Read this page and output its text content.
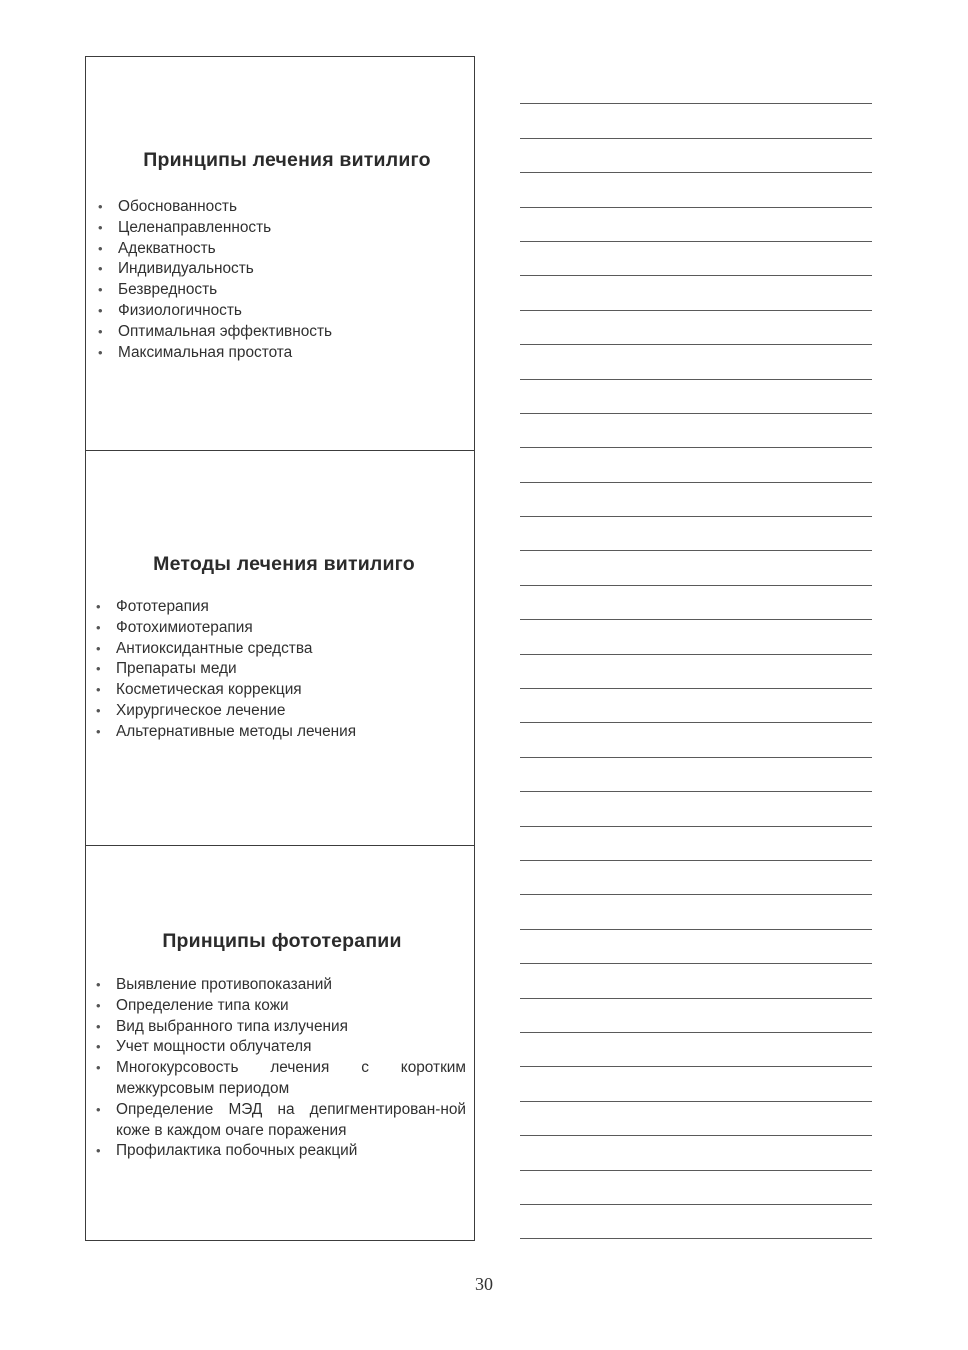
Принципы лечения витилиго
• Обоснованность
• Целенаправленность
• Адекватность
• Индивидуальность
• Безвредность
• Физиологичность
• Оптимальная эффективность
• Максимальная простота
Методы лечения витилиго
• Фототерапия
• Фотохимиотерапия
• Антиоксидантные средства
• Препараты меди
• Косметическая коррекция
• Хирургическое лечение
• Альтернативные методы лечения
Принципы фототерапии
• Выявление противопоказаний
• Определение типа кожи
• Вид выбранного типа излучения
• Учет мощности облучателя
• Многокурсовость лечения с коротким межкурсовым периодом
• Определение МЭД на депигментирован-ной коже в каждом очаге поражения
• Профилактика побочных реакций
30
